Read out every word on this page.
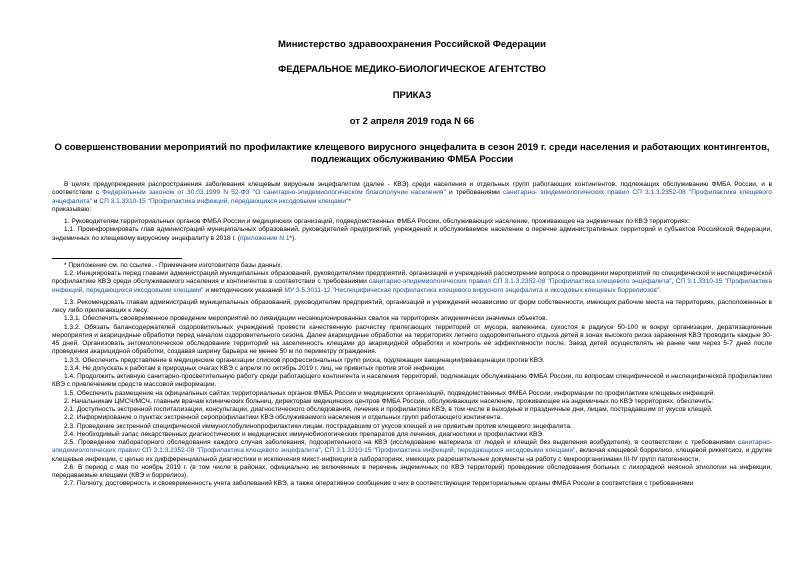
Министерство здравоохранения Российской Федерации
ФЕДЕРАЛЬНОЕ МЕДИКО-БИОЛОГИЧЕСКОЕ АГЕНТСТВО
ПРИКАЗ
от 2 апреля 2019 года N 66
О совершенствовании мероприятий по профилактике клещевого вирусного энцефалита в сезон 2019 г. среди населения и работающих контингентов, подлежащих обслуживанию ФМБА России

В целях предупреждения распространения заболевания клещевым вирусным энцефалитом (далее - КВЭ) среди населения и отдельных групп работающих контингентов, подлежащих обслуживанию ФМБА России, и в соответствии с Федеральным законом от 30.03.1999 N 52-ФЗ "О санитарно-эпидемиологическом благополучии населения" и требованиями санитарно- эпидемиологических правил СП 3.1.3.2352-08 "Профилактика клещевого энцефалита" и СП 3.1.3310-15 "Профилактика инфекций, передающихся иксодовыми клещами"*

приказываю:

1. Руководителям территориальных органов ФМБА России и медицинских организаций, подведомственных ФМБА России, обслуживающих население, проживающее на эндемичных по КВЭ территориях:

1.1. Проинформировать глав администраций муниципальных образований, руководителей предприятий, учреждений и обслуживаемое население о перечне административных территорий и субъектов Российской Федерации, эндемичных по клещевому вирусному энцефалиту в 2018 г. (приложение N 1*).

* Приложение см. по ссылке. - Примечание изготовителя базы данных.

1.2. Инициировать перед главами администраций муниципальных образований, руководителями предприятий, организаций и учреждений рассмотрение вопроса о проведении мероприятий по специфической и неспецифической профилактике КВЭ среди обслуживаемого населения и контингентов в соответствии с требованиями санитарно-эпидемиологических правил СП 3.1.3.2352-08 "Профилактика клещевого энцефалита", СП 3.1.3310-15 "Профилактика инфекций, передающихся иксодовыми клещами" и методических указаний МУ 3.5.3011-12 "Неспецифическая профилактика клещевого вирусного энцефалита и иксодовых клещевых боррелиозов".

1.3. Рекомендовать главам администраций муниципальных образований, руководителям предприятий, организаций и учреждений независимо от форм собственности, имеющих рабочие места на территориях, расположенных в лесу либо прилегающих к лесу:

1.3.1. Обеспечить своевременное проведение мероприятий по ликвидации несанкционированных свалок на территориях эпидемически значимых объектов.

1.3.2. Обязать балансодержателей оздоровительных учреждений провести качественную расчистку прилегающих территорий от мусора, валежника, сухостоя в радиусе 50-100 м вокруг организации, дератизационные мероприятия и акарицидные обработки перед началом оздоровительного сезона. Далее акарицидные обработки на территориях летнего оздоровительного отдыха детей в зонах высокого риска заражения КВЭ проводить каждые 30-45 дней. Организовать энтомологическое обследование территорий на заселенность клещами до акарицидной обработки и контроль ее эффективности после. Заезд детей осуществлять не ранее чем через 5-7 дней после проведения акарицидной обработки, создавая ширину барьера не менее 50 м по периметру ограждения.

1.3.3. Обеспечить представление в медицинские организации списков профессиональных групп риска, подлежащих вакцинации/ревакцинации против КВЭ.

1.3.4. Не допускать к работам в природных очагах КВЭ с апреля по октябрь 2019 г. лиц, не привитых против этой инфекции.

1.4. Продолжить активную санитарно-просветительную работу среди работающего контингента и населения территорий, подлежащих обслуживанию ФМБА России, по вопросам специфической и неспецифической профилактики КВЭ с привлечением средств массовой информации.

1.5. Обеспечить размещение на официальных сайтах территориальных органов ФМБА России и медицинских организаций, подведомственных ФМБА России, информации по профилактике клещевых инфекций.

2. Начальникам ЦМСЧ/МСЧ, главным врачам клинических больниц, директорам медицинских центров ФМБА России, обслуживающих население, проживающее на эндемичных по КВЭ территориях, обеспечить:

2.1. Доступность экстренной госпитализации, консультации, диагностического обследования, лечения и профилактики КВЭ, в том числе в выходные и праздничные дни, лицам, пострадавшим от укусов клещей.

2.2. Информирование о пунктах экстренной серопрофилактики КВЭ обслуживаемого населения и отдельных групп работающего контингента.

2.3. Проведение экстренной специфической иммуноглобулинопрофилактики лицам, пострадавшим от укусов клещей и не привитым против клещевого энцефалита.

2.4. Необходимый запас лекарственных диагностических и медицинских иммунобиологических препаратов для лечения, диагностики и профилактики КВЭ.

2.5. Проведение лабораторного обследования каждого случая заболевания, подозрительного на КВЭ (исследование материала от людей и клещей без выделения возбудителя), в соответствии с требованиями санитарно-эпидемиологических правил СП 3.1.3.2352-08 "Профилактика клещевого энцефалита", СП 3.1.3310-15 "Профилактика инфекций, передающихся иксодовыми клещами", включая клещевой боррелиоз, клещевой риккетсиоз, и другие клещевые инфекции, с целью их дифференциальной диагностики и исключения микст-инфекции в лабораториях, имеющих разрешительные документы на работу с микроорганизмами III-IV групп патогенности.

2.6. В период с мая по ноябрь 2019 г. (в том числе в районах, официально не включенных в перечень эндемичных по КВЭ территорий) проведение обследования больных с лихорадкой неясной этиологии на инфекции, передаваемые клещами (КВЭ и боррелиоз).

2.7. Полноту, достоверность и своевременность учета заболеваний КВЭ, а также оперативное сообщение о них в соответствующие территориальные органы ФМБА России в соответствии с требованиями
